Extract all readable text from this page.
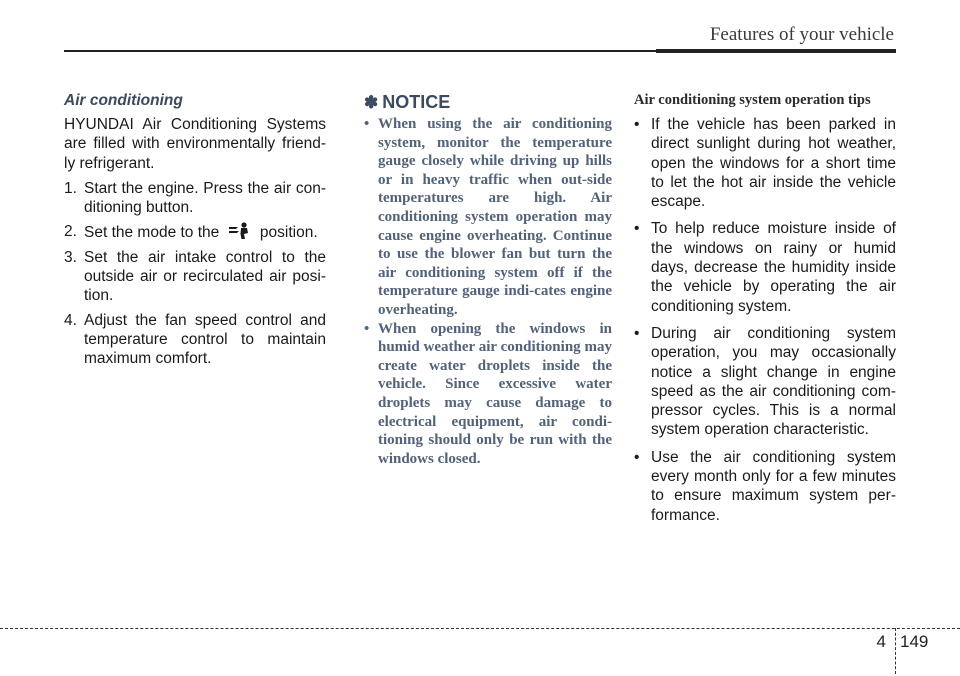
Features of your vehicle
Air conditioning

HYUNDAI Air Conditioning Systems are filled with environmentally friend-ly refrigerant.

1. Start the engine. Press the air con-ditioning button.
2. Set the mode to the	position.
3. Set the air intake control to the outside air or recirculated air posi-tion.
4. Adjust the fan speed control and temperature control to maintain maximum comfort.
✽ NOTICE
• When using the air conditioning system, monitor the temperature gauge closely while driving up hills or in heavy traffic when out-side temperatures are high. Air conditioning system operation may cause engine overheating. Continue to use the blower fan but turn the air conditioning system off if the temperature gauge indi-cates engine overheating.
• When opening the windows in humid weather air conditioning may create water droplets inside the vehicle. Since excessive water droplets may cause damage to electrical equipment, air condi-tioning should only be run with the windows closed.
Air conditioning system operation tips
• If the vehicle has been parked in direct sunlight during hot weather, open the windows for a short time to let the hot air inside the vehicle escape.
• To help reduce moisture inside of the windows on rainy or humid days, decrease the humidity inside the vehicle by operating the air conditioning system.
• During air conditioning system operation, you may occasionally notice a slight change in engine speed as the air conditioning com-pressor cycles. This is a normal system operation characteristic.
• Use the air conditioning system every month only for a few minutes to ensure maximum system per-formance.
4 149
